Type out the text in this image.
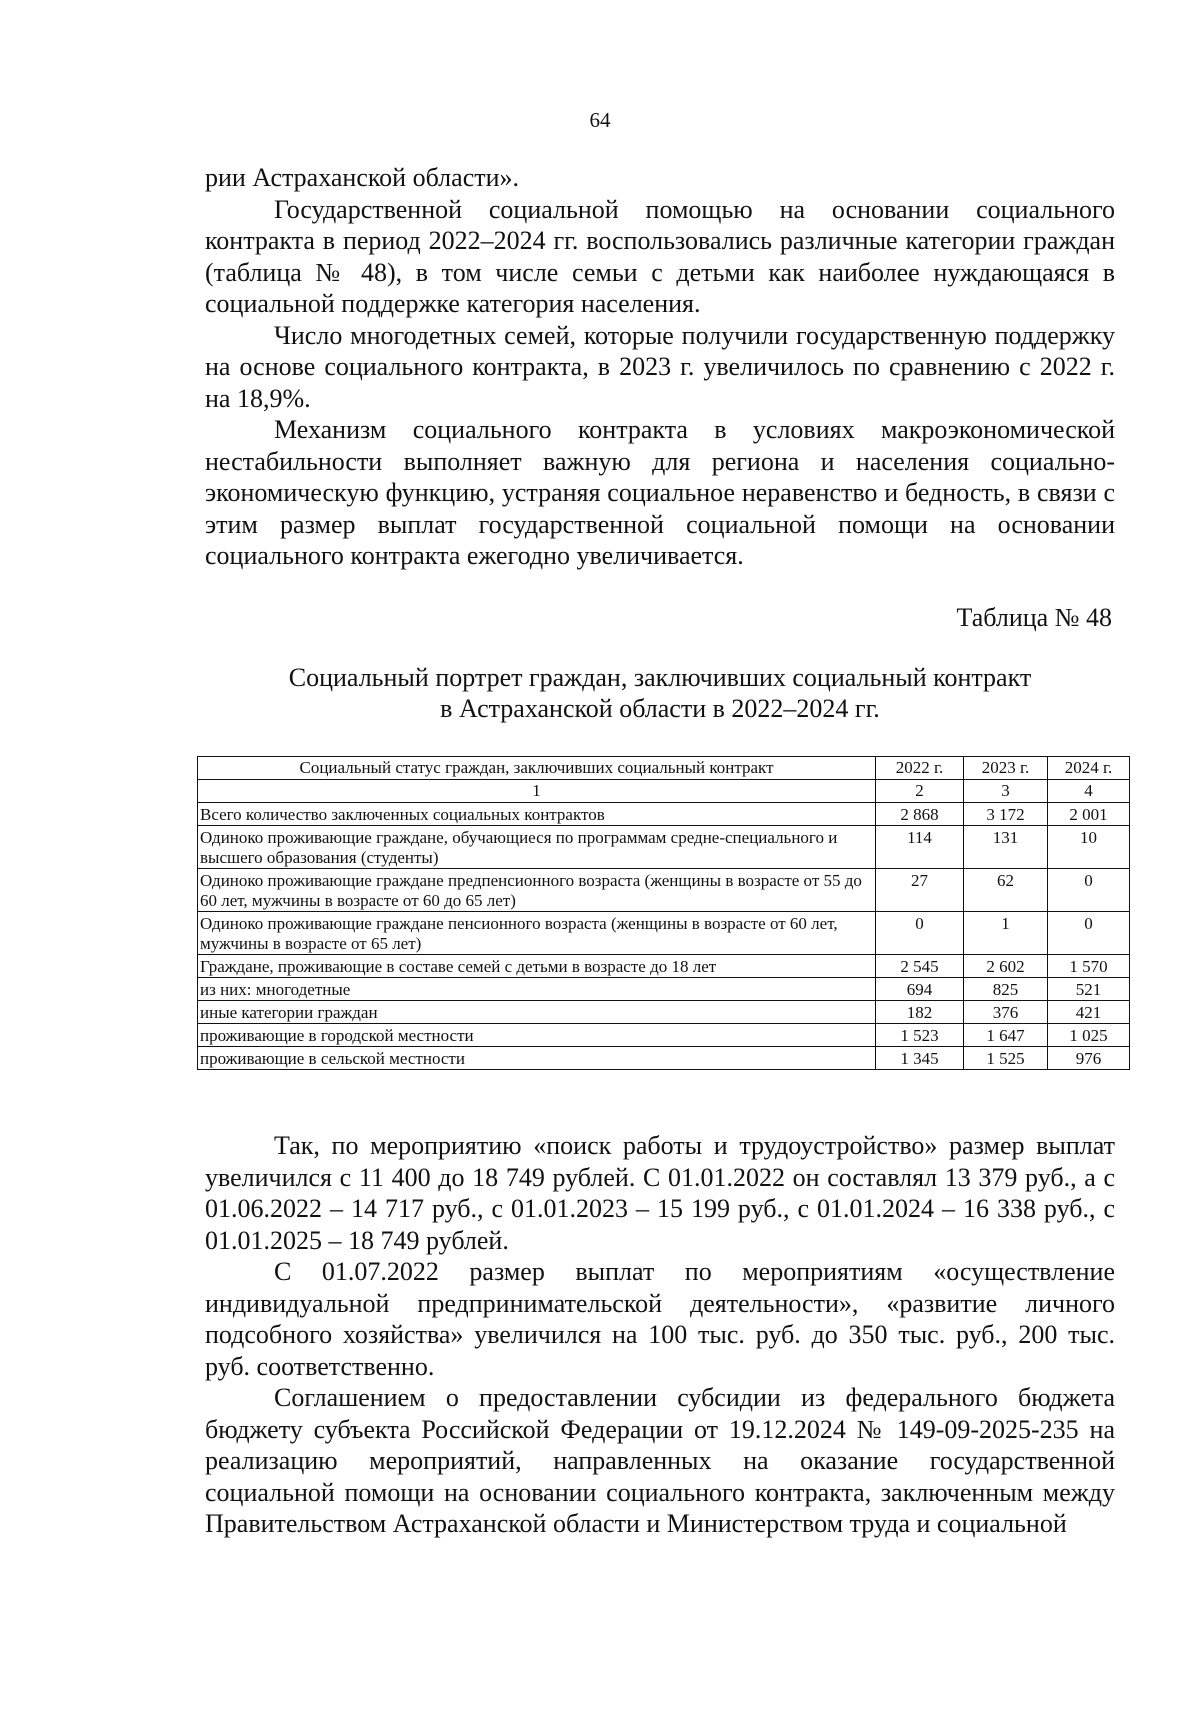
64

рии Астраханской области».

Государственной социальной помощью на основании социального контракта в период 2022–2024 гг. воспользовались различные категории граждан (таблица № 48), в том числе семьи с детьми как наиболее нуждающаяся в социальной поддержке категория населения.

Число многодетных семей, которые получили государственную поддержку на основе социального контракта, в 2023 г. увеличилось по сравнению с 2022 г. на 18,9%.

Механизм социального контракта в условиях макроэкономической нестабильности выполняет важную для региона и населения социально-экономическую функцию, устраняя социальное неравенство и бедность, в связи с этим размер выплат государственной социальной помощи на основании социального контракта ежегодно увеличивается.

Таблица № 48
Социальный портрет граждан, заключивших социальный контракт
в Астраханской области в 2022–2024 гг.
Социальный статус граждан, заключивших социальный контракт	2022 г.	2023 г.	2024 г.
1	2	3	4
Всего количество заключенных социальных контрактов	2 868	3 172	2 001
Одиноко проживающие граждане, обучающиеся по программам средне-специального и высшего образования (студенты)	114	131	10
Одиноко проживающие граждане предпенсионного возраста (женщины в возрасте от 55 до 60 лет, мужчины в возрасте от 60 до 65 лет)	27	62	0
Одиноко проживающие граждане пенсионного возраста (женщины в возрасте от 60 лет, мужчины в возрасте от 65 лет)	0	1	0
Граждане, проживающие в составе семей с детьми в возрасте до 18 лет	2 545	2 602	1 570
из них: многодетные	694	825	521
иные категории граждан	182	376	421
проживающие в городской местности	1 523	1 647	1 025
проживающие в сельской местности	1 345	1 525	976

Так, по мероприятию «поиск работы и трудоустройство» размер выплат увеличился с 11 400 до 18 749 рублей. С 01.01.2022 он составлял 13 379 руб., а с 01.06.2022 – 14 717 руб., с 01.01.2023 – 15 199 руб., с 01.01.2024 – 16 338 руб., с 01.01.2025 – 18 749 рублей.

С 01.07.2022 размер выплат по мероприятиям «осуществление индивидуальной предпринимательской деятельности», «развитие личного подсобного хозяйства» увеличился на 100 тыс. руб. до 350 тыс. руб., 200 тыс. руб. соответственно.

Соглашением о предоставлении субсидии из федерального бюджета бюджету субъекта Российской Федерации от 19.12.2024 № 149-09-2025-235 на реализацию мероприятий, направленных на оказание государственной социальной помощи на основании социального контракта, заключенным между Правительством Астраханской области и Министерством труда и социальной
